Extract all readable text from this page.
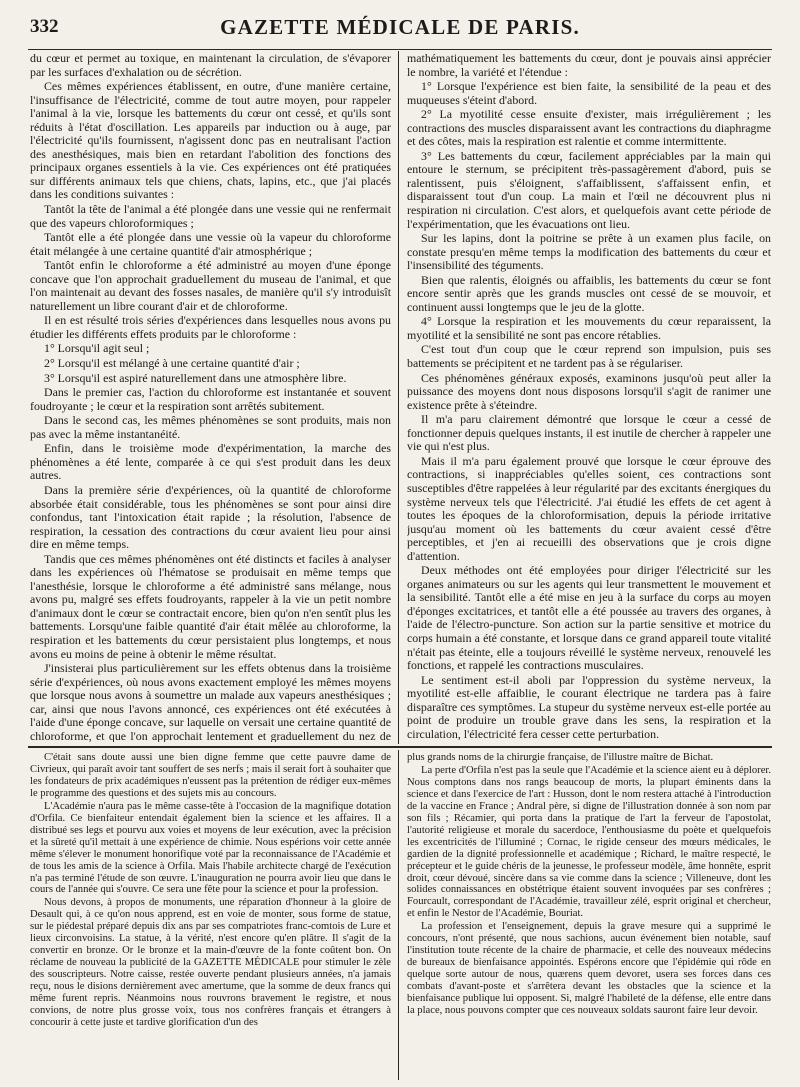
332	GAZETTE MÉDICALE DE PARIS.

du cœur et permet au toxique, en maintenant la circulation, de s'évaporer par les surfaces d'exhalation ou de sécrétion.

Ces mêmes expériences établissent, en outre, d'une manière certaine, l'insuffisance de l'électricité, comme de tout autre moyen, pour rappeler l'animal à la vie, lorsque les battements du cœur ont cessé, et qu'ils sont réduits à l'état d'oscillation. Les appareils par induction ou à auge, par l'électricité qu'ils fournissent, n'agissent donc pas en neutralisant l'action des anesthésiques, mais bien en retardant l'abolition des fonctions des principaux organes essentiels à la vie. Ces expériences ont été pratiquées sur différents animaux tels que chiens, chats, lapins, etc., que j'ai placés dans les conditions suivantes :

Tantôt la tête de l'animal a été plongée dans une vessie qui ne renfermait que des vapeurs chloroformiques ;

Tantôt elle a été plongée dans une vessie où la vapeur du chloroforme était mélangée à une certaine quantité d'air atmosphérique ;

Tantôt enfin le chloroforme a été administré au moyen d'une éponge concave que l'on approchait graduellement du museau de l'animal, et que l'on maintenait au devant des fosses nasales, de manière qu'il s'y introduisît naturellement un libre courant d'air et de chloroforme.

Il en est résulté trois séries d'expériences dans lesquelles nous avons pu étudier les différents effets produits par le chloroforme :

1° Lorsqu'il agit seul ;

2° Lorsqu'il est mélangé à une certaine quantité d'air ;

3° Lorsqu'il est aspiré naturellement dans une atmosphère libre.

Dans le premier cas, l'action du chloroforme est instantanée et souvent foudroyante ; le cœur et la respiration sont arrêtés subitement.

Dans le second cas, les mêmes phénomènes se sont produits, mais non pas avec la même instantanéité.

Enfin, dans le troisième mode d'expérimentation, la marche des phénomènes a été lente, comparée à ce qui s'est produit dans les deux autres.

Dans la première série d'expériences, où la quantité de chloroforme absorbée était considérable, tous les phénomènes se sont pour ainsi dire confondus, tant l'intoxication était rapide ; la résolution, l'absence de respiration, la cessation des contractions du cœur avaient lieu pour ainsi dire en même temps.

Tandis que ces mêmes phénomènes ont été distincts et faciles à analyser dans les expériences où l'hématose se produisait en même temps que l'anesthésie, lorsque le chloroforme a été administré sans mélange, nous avons pu, malgré ses effets foudroyants, rappeler à la vie un petit nombre d'animaux dont le cœur se contractait encore, bien qu'on n'en sentît plus les battements. Lorsqu'une faible quantité d'air était mêlée au chloroforme, la respiration et les battements du cœur persistaient plus longtemps, et nous avons eu moins de peine à obtenir le même résultat.

J'insisterai plus particulièrement sur les effets obtenus dans la troisième série d'expériences, où nous avons exactement employé les mêmes moyens que lorsque nous avons à soumettre un malade aux vapeurs anesthésiques ; car, ainsi que nous l'avons annoncé, ces expériences ont été exécutées à l'aide d'une éponge concave, sur laquelle on versait une certaine quantité de chloroforme, et que l'on approchait lentement et graduellement du nez de

mathématiquement les battements du cœur, dont je pouvais ainsi apprécier le nombre, la variété et l'étendue :

1° Lorsque l'expérience est bien faite, la sensibilité de la peau et des muqueuses s'éteint d'abord.

2° La myotilité cesse ensuite d'exister, mais irrégulièrement ; les contractions des muscles disparaissent avant les contractions du diaphragme et des côtes, mais la respiration est ralentie et comme intermittente.

3° Les battements du cœur, facilement appréciables par la main qui entoure le sternum, se précipitent très-passagèrement d'abord, puis se ralentissent, puis s'éloignent, s'affaiblissent, s'affaissent enfin, et disparaissent tout d'un coup. La main et l'œil ne découvrent plus ni respiration ni circulation. C'est alors, et quelquefois avant cette période de l'expérimentation, que les évacuations ont lieu.

Sur les lapins, dont la poitrine se prête à un examen plus facile, on constate presqu'en même temps la modification des battements du cœur et l'insensibilité des téguments.

Bien que ralentis, éloignés ou affaiblis, les battements du cœur se font encore sentir après que les grands muscles ont cessé de se mouvoir, et continuent aussi longtemps que le jeu de la glotte.

4° Lorsque la respiration et les mouvements du cœur reparaissent, la myotilité et la sensibilité ne sont pas encore rétablies.

C'est tout d'un coup que le cœur reprend son impulsion, puis ses battements se précipitent et ne tardent pas à se régulariser.

Ces phénomènes généraux exposés, examinons jusqu'où peut aller la puissance des moyens dont nous disposons lorsqu'il s'agit de ranimer une existence prête à s'éteindre.

Il m'a paru clairement démontré que lorsque le cœur a cessé de fonctionner depuis quelques instants, il est inutile de chercher à rappeler une vie qui n'est plus.

Mais il m'a paru également prouvé que lorsque le cœur éprouve des contractions, si inappréciables qu'elles soient, ces contractions sont susceptibles d'être rappelées à leur régularité par des excitants énergiques du système nerveux tels que l'électricité. J'ai étudié les effets de cet agent à toutes les époques de la chloroformisation, depuis la période irritative jusqu'au moment où les battements du cœur avaient cessé d'être perceptibles, et j'en ai recueilli des observations que je crois digne d'attention.

Deux méthodes ont été employées pour diriger l'électricité sur les organes animateurs ou sur les agents qui leur transmettent le mouvement et la sensibilité. Tantôt elle a été mise en jeu à la surface du corps au moyen d'éponges excitatrices, et tantôt elle a été poussée au travers des organes, à l'aide de l'électro-puncture. Son action sur la partie sensitive et motrice du corps humain a été constante, et lorsque dans ce grand appareil toute vitalité n'était pas éteinte, elle a toujours réveillé le système nerveux, renouvelé les fonctions, et rappelé les contractions musculaires.

Le sentiment est-il aboli par l'oppression du système nerveux, la myotilité est-elle affaiblie, le courant électrique ne tardera pas à faire disparaître ces symptômes. La stupeur du système nerveux est-elle portée au point de produire un trouble grave dans les sens, la respiration et la circulation, l'électricité fera cesser cette perturbation.

C'était sans doute aussi une bien digne femme que cette pauvre dame de Civrieux, qui paraît avoir tant souffert de ses nerfs ; mais il serait fort à souhaiter que les fondateurs de prix académiques n'eussent pas la prétention de rédiger eux-mêmes le programme des questions et des sujets mis au concours.

L'Académie n'aura pas le même casse-tête à l'occasion de la magnifique dotation d'Orfila. Ce bienfaiteur entendait également bien la science et les affaires. Il a distribué ses legs et pourvu aux voies et moyens de leur exécution, avec la précision et la sûreté qu'il mettait à une expérience de chimie. Nous espérions voir cette année même s'élever le monument honorifique voté par la reconnaissance de l'Académie et de tous les amis de la science à Orfila. Mais l'habile architecte chargé de l'exécution n'a pas terminé l'étude de son œuvre. L'inauguration ne pourra avoir lieu que dans le cours de l'année qui s'ouvre. Ce sera une fête pour la science et pour la profession.

Nous devons, à propos de monuments, une réparation d'honneur à la gloire de Desault qui, à ce qu'on nous apprend, est en voie de monter, sous forme de statue, sur le piédestal préparé depuis dix ans par ses compatriotes franc-comtois de Lure et lieux circonvoisins. La statue, à la vérité, n'est encore qu'en plâtre. Il s'agit de la convertir en bronze. Or le bronze et la main-d'œuvre de la fonte coûtent bon. On réclame de nouveau la publicité de la GAZETTE MÉDICALE pour stimuler le zèle des souscripteurs. Notre caisse, restée ouverte pendant plusieurs années, n'a jamais reçu, nous le disions dernièrement avec amertume, que la somme de deux francs qui même furent repris. Néanmoins nous rouvrons bravement le registre, et nous convions, de notre plus grosse voix, tous nos confrères français et étrangers à concourir à cette juste et tardive glorification d'un des

plus grands noms de la chirurgie française, de l'illustre maître de Bichat.

La perte d'Orfila n'est pas la seule que l'Académie et la science aient eu à déplorer. Nous comptons dans nos rangs beaucoup de morts, la plupart éminents dans la science et dans l'exercice de l'art : Husson, dont le nom restera attaché à l'introduction de la vaccine en France ; Andral père, si digne de l'illustration donnée à son nom par son fils ; Récamier, qui porta dans la pratique de l'art la ferveur de l'apostolat, l'autorité religieuse et morale du sacerdoce, l'enthousiasme du poète et quelquefois les excentricités de l'illuminé ; Cornac, le rigide censeur des mœurs médicales, le gardien de la dignité professionnelle et académique ; Richard, le maître respecté, le précepteur et le guide chéris de la jeunesse, le professeur modèle, âme honnête, esprit droit, cœur dévoué, sincère dans sa vie comme dans la science ; Villeneuve, dont les solides connaissances en obstétrique étaient souvent invoquées par ses confrères ; Fourcault, correspondant de l'Académie, travailleur zélé, esprit original et chercheur, et enfin le Nestor de l'Académie, Bouriat.

La profession et l'enseignement, depuis la grave mesure qui a supprimé le concours, n'ont présenté, que nous sachions, aucun événement bien notable, sauf l'institution toute récente de la chaire de pharmacie, et celle des nouveaux médecins de bureaux de bienfaisance appointés. Espérons encore que l'épidémie qui rôde en quelque sorte autour de nous, quærens quem devoret, usera ses forces dans ces combats d'avant-poste et s'arrêtera devant les obstacles que la science et la bienfaisance publique lui opposent. Si, malgré l'habileté de la défense, elle entre dans la place, nous pouvons compter que ces nouveaux soldats sauront faire leur devoir.
